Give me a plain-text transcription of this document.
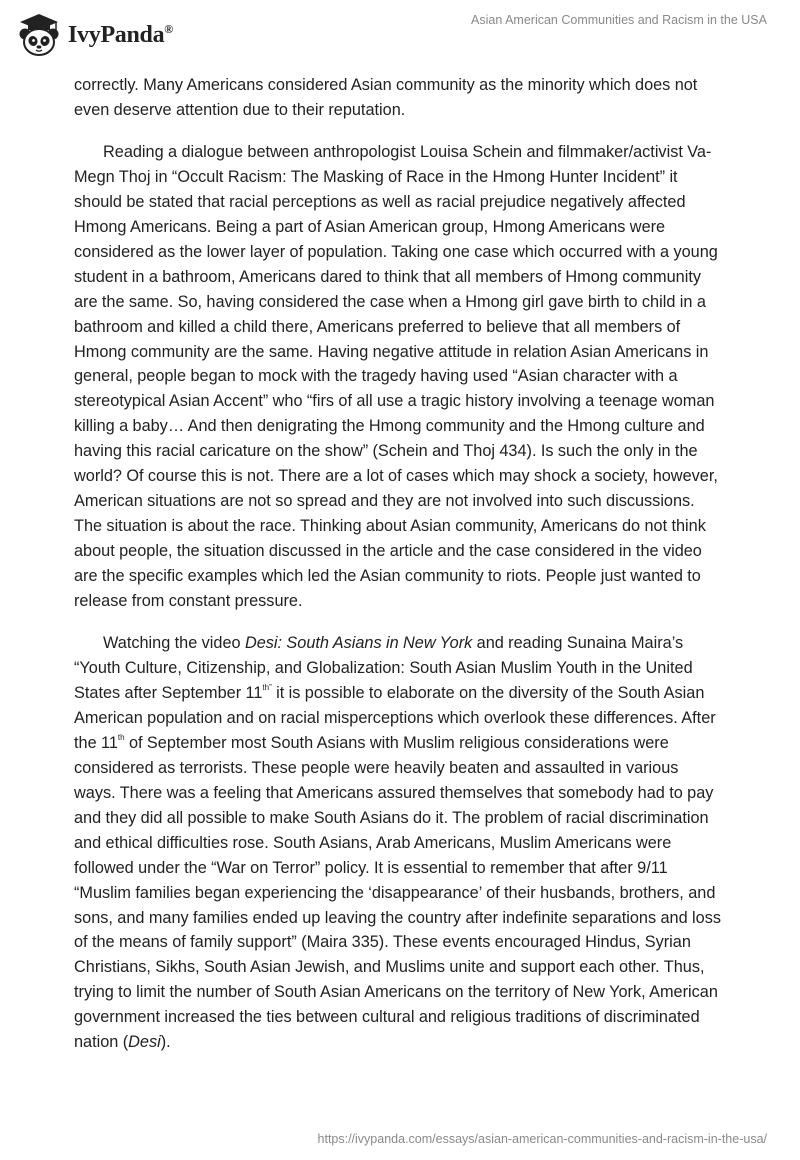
IvyPanda®
Asian American Communities and Racism in the USA

correctly. Many Americans considered Asian community as the minority which does not even deserve attention due to their reputation.

Reading a dialogue between anthropologist Louisa Schein and filmmaker/activist Va-Megn Thoj in “Occult Racism: The Masking of Race in the Hmong Hunter Incident” it should be stated that racial perceptions as well as racial prejudice negatively affected Hmong Americans. Being a part of Asian American group, Hmong Americans were considered as the lower layer of population. Taking one case which occurred with a young student in a bathroom, Americans dared to think that all members of Hmong community are the same. So, having considered the case when a Hmong girl gave birth to child in a bathroom and killed a child there, Americans preferred to believe that all members of Hmong community are the same. Having negative attitude in relation Asian Americans in general, people began to mock with the tragedy having used “Asian character with a stereotypical Asian Accent” who “firs of all use a tragic history involving a teenage woman killing a baby… And then denigrating the Hmong community and the Hmong culture and having this racial caricature on the show” (Schein and Thoj 434). Is such the only in the world? Of course this is not. There are a lot of cases which may shock a society, however, American situations are not so spread and they are not involved into such discussions. The situation is about the race. Thinking about Asian community, Americans do not think about people, the situation discussed in the article and the case considered in the video are the specific examples which led the Asian community to riots. People just wanted to release from constant pressure.

Watching the video Desi: South Asians in New York and reading Sunaina Maira’s “Youth Culture, Citizenship, and Globalization: South Asian Muslim Youth in the United States after September $11^{th”}$ it is possible to elaborate on the diversity of the South Asian American population and on racial misperceptions which overlook these differences. After the 11th of September most South Asians with Muslim religious considerations were considered as terrorists. These people were heavily beaten and assaulted in various ways. There was a feeling that Americans assured themselves that somebody had to pay and they did all possible to make South Asians do it. The problem of racial discrimination and ethical difficulties rose. South Asians, Arab Americans, Muslim Americans were followed under the “War on Terror” policy. It is essential to remember that after 9/11 “Muslim families began experiencing the ‘disappearance’ of their husbands, brothers, and sons, and many families ended up leaving the country after indefinite separations and loss of the means of family support” (Maira 335). These events encouraged Hindus, Syrian Christians, Sikhs, South Asian Jewish, and Muslims unite and support each other. Thus, trying to limit the number of South Asian Americans on the territory of New York, American government increased the ties between cultural and religious traditions of discriminated nation (Desi).

https://ivypanda.com/essays/asian-american-communities-and-racism-in-the-usa/
